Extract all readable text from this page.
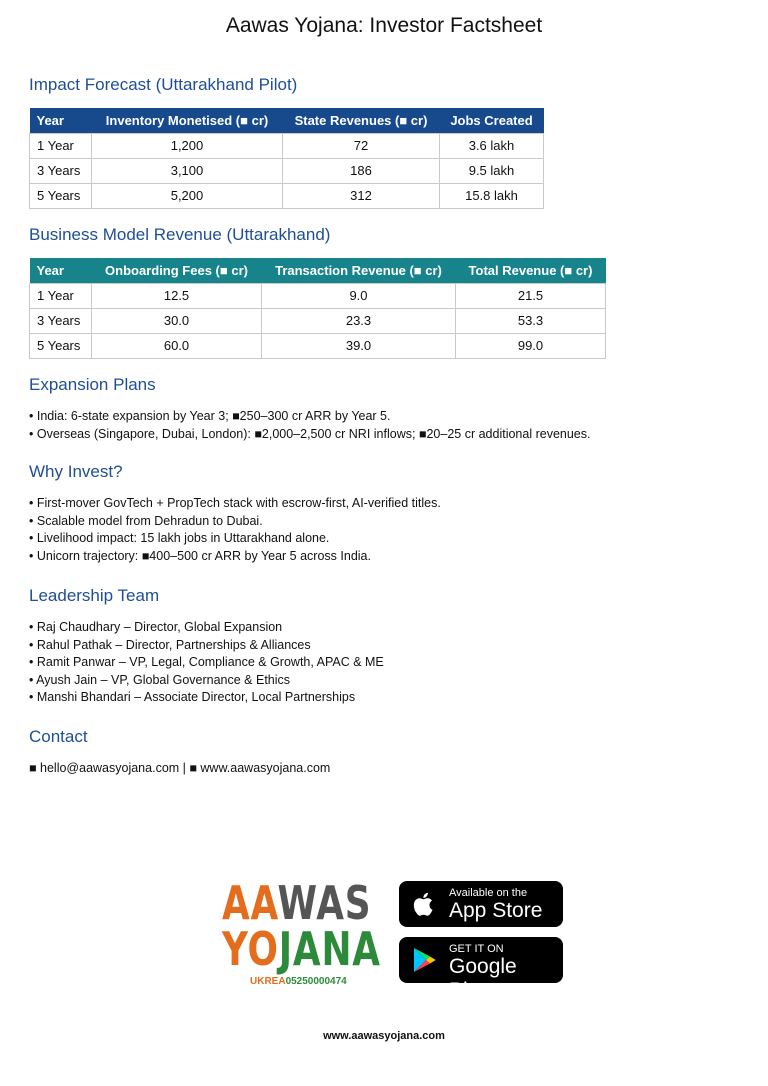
Aawas Yojana: Investor Factsheet
Impact Forecast (Uttarakhand Pilot)
Year	Inventory Monetised (■ cr)	State Revenues (■ cr)	Jobs Created
1 Year	1,200	72	3.6 lakh
3 Years	3,100	186	9.5 lakh
5 Years	5,200	312	15.8 lakh
Business Model Revenue (Uttarakhand)
Year	Onboarding Fees (■ cr)	Transaction Revenue (■ cr)	Total Revenue (■ cr)
1 Year	12.5	9.0	21.5
3 Years	30.0	23.3	53.3
5 Years	60.0	39.0	99.0
Expansion Plans
• India: 6-state expansion by Year 3; ■250–300 cr ARR by Year 5.
• Overseas (Singapore, Dubai, London): ■2,000–2,500 cr NRI inflows; ■20–25 cr additional revenues.
Why Invest?
• First-mover GovTech + PropTech stack with escrow-first, AI-verified titles.
• Scalable model from Dehradun to Dubai.
• Livelihood impact: 15 lakh jobs in Uttarakhand alone.
• Unicorn trajectory: ■400–500 cr ARR by Year 5 across India.
Leadership Team
• Raj Chaudhary – Director, Global Expansion
• Rahul Pathak – Director, Partnerships & Alliances
• Ramit Panwar – VP, Legal, Compliance & Growth, APAC & ME
• Ayush Jain – VP, Global Governance & Ethics
• Manshi Bhandari – Associate Director, Local Partnerships
Contact
■ hello@aawasyojana.com | ■ www.aawasyojana.com
AAWAS
YOJANA
UKREA05250000474
Available on the
App Store
GET IT ON
Google Play
www.aawasyojana.com
